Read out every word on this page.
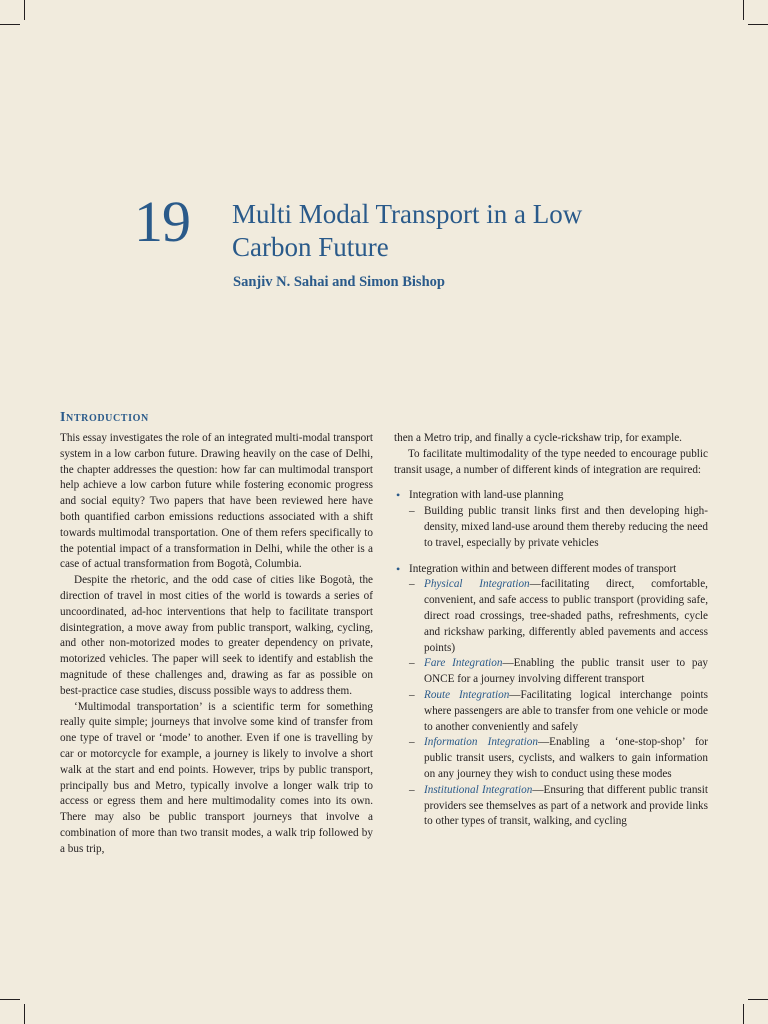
19 Multi Modal Transport in a Low Carbon Future
Sanjiv N. Sahai and Simon Bishop
Introduction

This essay investigates the role of an integrated multi-modal transport system in a low carbon future. Drawing heavily on the case of Delhi, the chapter addresses the question: how far can multimodal transport help achieve a low carbon future while fostering economic progress and social equity? Two papers that have been reviewed here have both quantified carbon emissions reductions associated with a shift towards multimodal transportation. One of them refers specifically to the potential impact of a transformation in Delhi, while the other is a case of actual transformation from Bogotà, Columbia.

Despite the rhetoric, and the odd case of cities like Bogotà, the direction of travel in most cities of the world is towards a series of uncoordinated, ad-hoc interventions that help to facilitate transport disintegration, a move away from public transport, walking, cycling, and other non-motorized modes to greater dependency on private, motorized vehicles. The paper will seek to identify and establish the magnitude of these challenges and, drawing as far as possible on best-practice case studies, discuss possible ways to address them.

‘Multimodal transportation’ is a scientific term for something really quite simple; journeys that involve some kind of transfer from one type of travel or ‘mode’ to another. Even if one is travelling by car or motorcycle for example, a journey is likely to involve a short walk at the start and end points. However, trips by public transport, principally bus and Metro, typically involve a longer walk trip to access or egress them and here multimodality comes into its own. There may also be public transport journeys that involve a combination of more than two transit modes, a walk trip followed by a bus trip,

then a Metro trip, and finally a cycle-rickshaw trip, for example.

To facilitate multimodality of the type needed to encourage public transit usage, a number of different kinds of integration are required:

• Integration with land-use planning
– Building public transit links first and then developing high-density, mixed land-use around them thereby reducing the need to travel, especially by private vehicles
• Integration within and between different modes of transport
– Physical Integration—facilitating direct, comfortable, convenient, and safe access to public transport (providing safe, direct road crossings, tree-shaded paths, refreshments, cycle and rickshaw parking, differently abled pavements and access points)
– Fare Integration—Enabling the public transit user to pay ONCE for a journey involving different transport
– Route Integration—Facilitating logical interchange points where passengers are able to transfer from one vehicle or mode to another conveniently and safely
– Information Integration—Enabling a ‘one-stop-shop’ for public transit users, cyclists, and walkers to gain information on any journey they wish to conduct using these modes
– Institutional Integration—Ensuring that different public transit providers see themselves as part of a network and provide links to other types of transit, walking, and cycling
